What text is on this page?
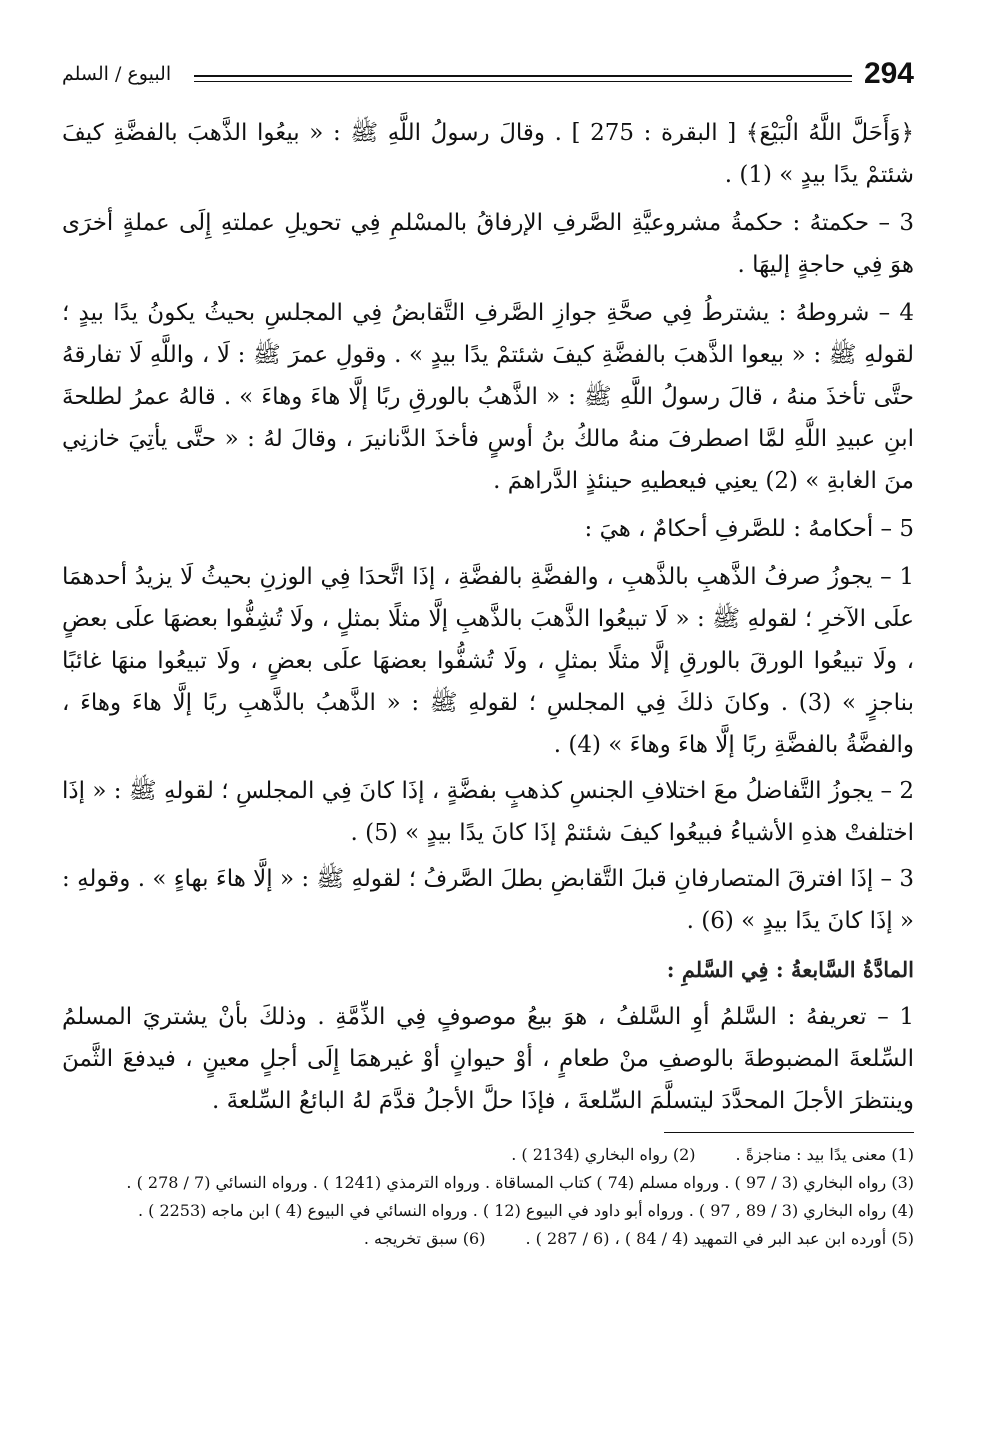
294
البيوع / السلم

﴿وَأَحَلَّ اللَّهُ الْبَيْعَ﴾ [ البقرة : 275 ] . وقالَ رسولُ اللَّهِ ﷺ : « بيعُوا الذَّهبَ بالفضَّةِ كيفَ شئتمْ يدًا بيدٍ » (1) .

3 – حكمتهُ : حكمةُ مشروعيَّةِ الصَّرفِ الإرفاقُ بالمسْلمِ فِي تحويلِ عملتهِ إِلَى عملةٍ أخرَى هوَ فِي حاجةٍ إليهَا .

4 – شروطهُ : يشترطُ فِي صحَّةِ جوازِ الصَّرفِ التَّقابضُ فِي المجلسِ بحيثُ يكونُ يدًا بيدٍ ؛ لقولهِ ﷺ : « بيعوا الذَّهبَ بالفضَّةِ كيفَ شئتمْ يدًا بيدٍ » . وقولِ عمرَ ﷺ : لَا ، واللَّهِ لَا تفارقهُ حتَّى تأخذَ منهُ ، قالَ رسولُ اللَّهِ ﷺ : « الذَّهبُ بالورقِ ربًا إلَّا هاءَ وهاءَ » . قالهُ عمرُ لطلحةَ ابنِ عبيدِ اللَّهِ لمَّا اصطرفَ منهُ مالكُ بنُ أوسٍ فأخذَ الدَّنانيرَ ، وقالَ لهُ : « حتَّى يأتِيَ خازنِي منَ الغابةِ » (2) يعنِي فيعطيهِ حينئذٍ الدَّراهمَ .

5 – أحكامهُ : للصَّرفِ أحكامٌ ، هيَ :

1 – يجوزُ صرفُ الذَّهبِ بالذَّهبِ ، والفضَّةِ بالفضَّةِ ، إذَا اتَّحدَا فِي الوزنِ بحيثُ لَا يزيدُ أحدهمَا علَى الآخرِ ؛ لقولهِ ﷺ : « لَا تبيعُوا الذَّهبَ بالذَّهبِ إلَّا مثلًا بمثلٍ ، ولَا تُشِفُّوا بعضهَا علَى بعضٍ ، ولَا تبيعُوا الورقَ بالورقِ إلَّا مثلًا بمثلٍ ، ولَا تُشفُّوا بعضهَا علَى بعضٍ ، ولَا تبيعُوا منهَا غائبًا بناجزٍ » (3) . وكانَ ذلكَ فِي المجلسِ ؛ لقولهِ ﷺ : « الذَّهبُ بالذَّهبِ ربًا إلَّا هاءَ وهاءَ ، والفضَّةُ بالفضَّةِ ربًا إلَّا هاءَ وهاءَ » (4) .

2 – يجوزُ التَّفاضلُ معَ اختلافِ الجنسِ كذهبٍ بفضَّةٍ ، إذَا كانَ فِي المجلسِ ؛ لقولهِ ﷺ : « إذَا اختلفتْ هذهِ الأشياءُ فبيعُوا كيفَ شئتمْ إذَا كانَ يدًا بيدٍ » (5) .

3 – إذَا افترقَ المتصارفانِ قبلَ التَّقابضِ بطلَ الصَّرفُ ؛ لقولهِ ﷺ : « إلَّا هاءَ بهاءٍ » . وقولهِ : « إذَا كانَ يدًا بيدٍ » (6) .

المادَّةُ السَّابعةُ : فِي السَّلمِ :

1 – تعريفهُ : السَّلمُ أوِ السَّلفُ ، هوَ بيعُ موصوفٍ فِي الذِّمَّةِ . وذلكَ بأنْ يشتريَ المسلمُ السِّلعةَ المضبوطةَ بالوصفِ منْ طعامٍ ، أوْ حيوانٍ أوْ غيرهمَا إِلَى أجلٍ معينٍ ، فيدفعَ الثَّمنَ وينتظرَ الأجلَ المحدَّدَ ليتسلَّمَ السِّلعةَ ، فإذَا حلَّ الأجلُ قدَّمَ لهُ البائعُ السِّلعةَ .

(1) معنى يدًا بيد : مناجزةً .
(2) رواه البخاري (2134 ) .
(3) رواه البخاري (3 / 97 ) . ورواه مسلم (74 ) كتاب المساقاة . ورواه الترمذي (1241 ) . ورواه النسائي (7 / 278 ) .
(4) رواه البخاري (3 / 89 , 97 ) . ورواه أبو داود في البيوع (12 ) . ورواه النسائي في البيوع (4 ) ابن ماجه (2253 ) .
(5) أورده ابن عبد البر في التمهيد (4 / 84 ) ، (6 / 287 ) .
(6) سبق تخريجه .
